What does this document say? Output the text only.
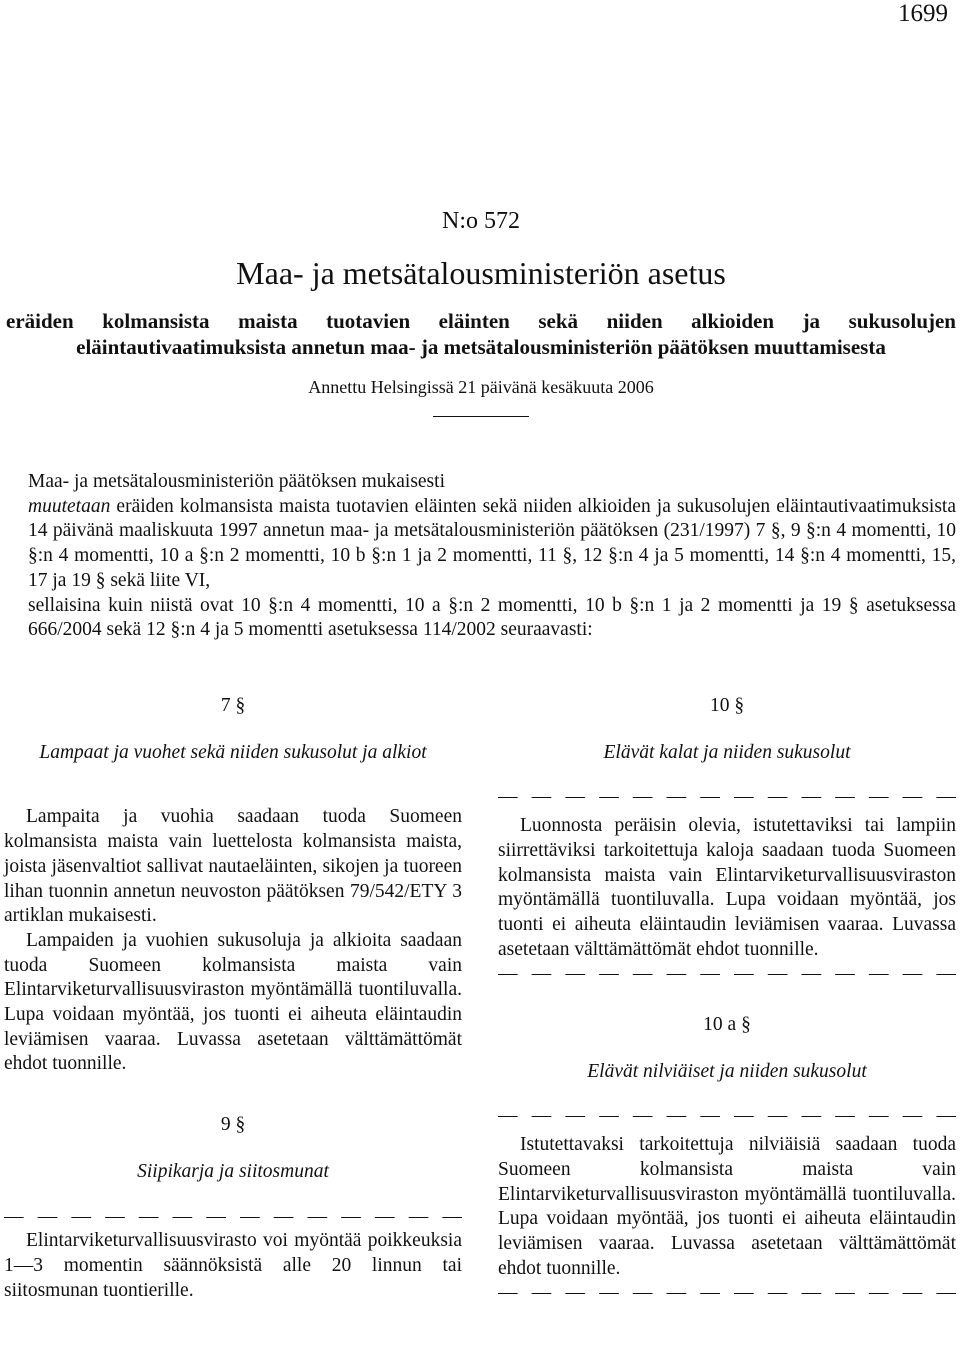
1699
N:o 572
Maa- ja metsätalousministeriön asetus
eräiden kolmansista maista tuotavien eläinten sekä niiden alkioiden ja sukusolujen eläintautivaatimuksista annetun maa- ja metsätalousministeriön päätöksen muuttamisesta
Annettu Helsingissä 21 päivänä kesäkuuta 2006

Maa- ja metsätalousministeriön päätöksen mukaisesti

muutetaan eräiden kolmansista maista tuotavien eläinten sekä niiden alkioiden ja sukusolujen eläintautivaatimuksista 14 päivänä maaliskuuta 1997 annetun maa- ja metsätalousministeriön päätöksen (231/1997) 7 §, 9 §:n 4 momentti, 10 §:n 4 momentti, 10 a §:n 2 momentti, 10 b §:n 1 ja 2 momentti, 11 §, 12 §:n 4 ja 5 momentti, 14 §:n 4 momentti, 15, 17 ja 19 § sekä liite VI,

sellaisina kuin niistä ovat 10 §:n 4 momentti, 10 a §:n 2 momentti, 10 b §:n 1 ja 2 momentti ja 19 § asetuksessa 666/2004 sekä 12 §:n 4 ja 5 momentti asetuksessa 114/2002 seuraavasti:

7 §

Lampaat ja vuohet sekä niiden sukusolut ja alkiot

Lampaita ja vuohia saadaan tuoda Suomeen kolmansista maista vain luettelosta kolmansista maista, joista jäsenvaltiot sallivat nautaeläinten, sikojen ja tuoreen lihan tuonnin annetun neuvoston päätöksen 79/542/ETY 3 artiklan mukaisesti.

Lampaiden ja vuohien sukusoluja ja alkioita saadaan tuoda Suomeen kolmansista maista vain Elintarviketurvallisuusviraston myöntämällä tuontiluvalla. Lupa voidaan myöntää, jos tuonti ei aiheuta eläintaudin leviämisen vaaraa. Luvassa asetetaan välttämättömät ehdot tuonnille.

9 §

Siipikarja ja siitosmunat

— — — — — — — — — — — — — —

Elintarviketurvallisuusvirasto voi myöntää poikkeuksia 1—3 momentin säännöksistä alle 20 linnun tai siitosmunan tuontierille.

10 §

Elävät kalat ja niiden sukusolut

— — — — — — — — — — — — — —

Luonnosta peräisin olevia, istutettaviksi tai lampiin siirrettäviksi tarkoitettuja kaloja saadaan tuoda Suomeen kolmansista maista vain Elintarviketurvallisuusviraston myöntämällä tuontiluvalla. Lupa voidaan myöntää, jos tuonti ei aiheuta eläintaudin leviämisen vaaraa. Luvassa asetetaan välttämättömät ehdot tuonnille.

— — — — — — — — — — — — — —

10 a §

Elävät nilviäiset ja niiden sukusolut

— — — — — — — — — — — — — —

Istutettavaksi tarkoitettuja nilviäisiä saadaan tuoda Suomeen kolmansista maista vain Elintarviketurvallisuusviraston myöntämällä tuontiluvalla. Lupa voidaan myöntää, jos tuonti ei aiheuta eläintaudin leviämisen vaaraa. Luvassa asetetaan välttämättömät ehdot tuonnille.

— — — — — — — — — — — — — —
